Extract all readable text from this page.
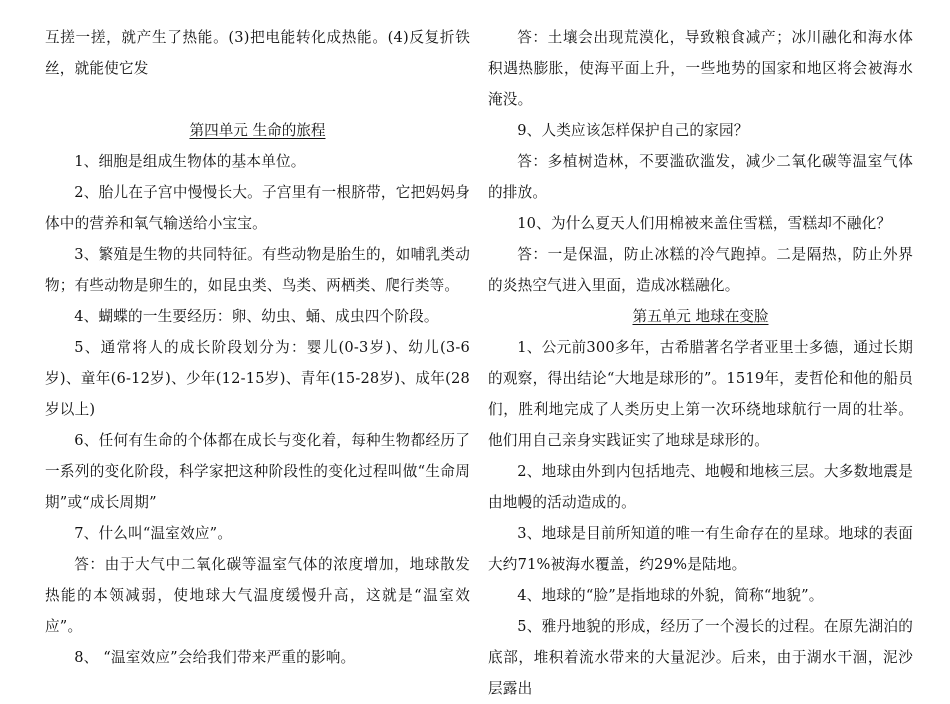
互搓一搓，就产生了热能。(3)把电能转化成热能。(4)反复折铁丝，就能使它发

第四单元 生命的旅程

1、细胞是组成生物体的基本单位。

2、胎儿在子宫中慢慢长大。子宫里有一根脐带，它把妈妈身体中的营养和氧气输送给小宝宝。

3、繁殖是生物的共同特征。有些动物是胎生的，如哺乳类动物；有些动物是卵生的，如昆虫类、鸟类、两栖类、爬行类等。

4、蝴蝶的一生要经历：卵、幼虫、蛹、成虫四个阶段。

5、通常将人的成长阶段划分为：婴儿(0-3岁)、幼儿(3-6岁)、童年(6-12岁)、少年(12-15岁)、青年(15-28岁)、成年(28岁以上)

6、任何有生命的个体都在成长与变化着，每种生物都经历了一系列的变化阶段，科学家把这种阶段性的变化过程叫做“生命周期”或“成长周期”

7、什么叫“温室效应”。

答：由于大气中二氧化碳等温室气体的浓度增加，地球散发热能的本领减弱，使地球大气温度缓慢升高，这就是“温室效应”。

8、 “温室效应”会给我们带来严重的影响。

答：土壤会出现荒漠化，导致粮食减产；冰川融化和海水体积遇热膨胀，使海平面上升，一些地势的国家和地区将会被海水淹没。

9、人类应该怎样保护自己的家园？

答：多植树造林，不要滥砍滥发，减少二氧化碳等温室气体的排放。

10、为什么夏天人们用棉被来盖住雪糕，雪糕却不融化？

答：一是保温，防止冰糕的冷气跑掉。二是隔热，防止外界的炎热空气进入里面，造成冰糕融化。

第五单元 地球在变脸

1、公元前300多年，古希腊著名学者亚里士多德，通过长期的观察，得出结论“大地是球形的”。1519年，麦哲伦和他的船员们，胜利地完成了人类历史上第一次环绕地球航行一周的壮举。他们用自己亲身实践证实了地球是球形的。

2、地球由外到内包括地壳、地幔和地核三层。大多数地震是由地幔的活动造成的。

3、地球是目前所知道的唯一有生命存在的星球。地球的表面大约71%被海水覆盖，约29%是陆地。

4、地球的“脸”是指地球的外貌，简称“地貌”。

5、雅丹地貌的形成，经历了一个漫长的过程。在原先湖泊的底部，堆积着流水带来的大量泥沙。后来，由于湖水干涸，泥沙层露出
